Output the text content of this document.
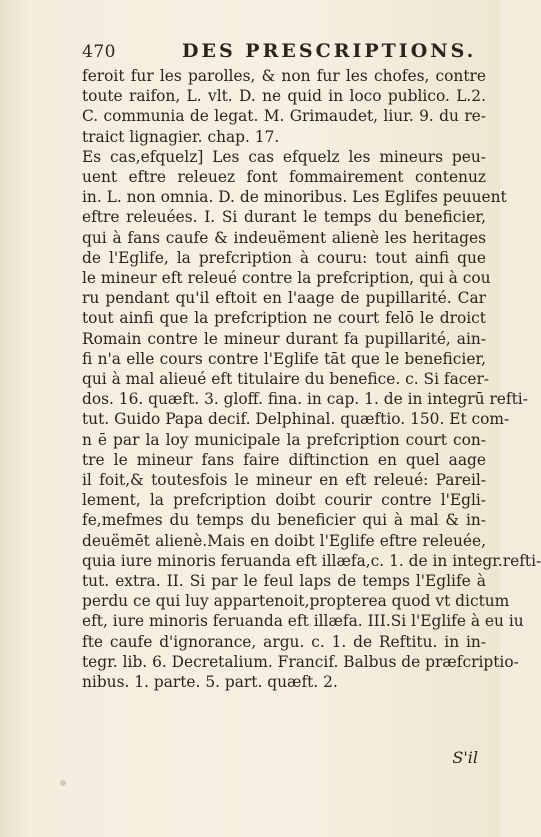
470	DES PRESCRIPTIONS.
feroit fur les parolles, & non fur les chofes, contre
toute raifon, L. vlt. D. ne quid in loco publico. L.2.
C. communia de legat. M. Grimaudet, liur. 9. du re-
traict lignagier. chap. 17.
Es cas,efquelz] Les cas efquelz les mineurs peu-
uent eftre releuez font fommairement contenuz
in. L. non omnia. D. de minoribus. Les Eglifes peuuent
eftre releuées. I. Si durant le temps du beneficier,
qui à fans caufe & indeuëment alienè les heritages
de l'Eglife, la prefcription à couru: tout ainfi que
le mineur eft releué contre la prefcription, qui à cou
ru pendant qu'il eftoit en l'aage de pupillarité. Car
tout ainfi que la prefcription ne court felō le droict
Romain contre le mineur durant fa pupillarité, ain-
fi n'a elle cours contre l'Eglife tāt que le beneficier,
qui à mal alieué eft titulaire du benefice. c. Si facer-
dos. 16. quæft. 3. gloff. fina. in cap. 1. de in integrū refti-
tut. Guido Papa decif. Delphinal. quæftio. 150. Et com-
n ē par la loy municipale la prefcription court con-
tre le mineur fans faire diftinction en quel aage
il foit,& toutesfois le mineur en eft releué: Pareil-
lement, la prefcription doibt courir contre l'Egli-
fe,mefmes du temps du beneficier qui à mal & in-
deuëmēt alienè.Mais en doibt l'Eglife eftre releuée,
quia iure minoris feruanda eft illæfa,c. 1. de in integr.refti-
tut. extra. II. Si par le feul laps de temps l'Eglife à
perdu ce qui luy appartenoit,propterea quod vt dictum
eft, iure minoris feruanda eft illæfa. III.Si l'Eglife à eu iu
fte caufe d'ignorance, argu. c. 1. de Reftitu. in in-
tegr. lib. 6. Decretalium. Francif. Balbus de præfcriptio-
nibus. 1. parte. 5. part. quæft. 2.
S'il
